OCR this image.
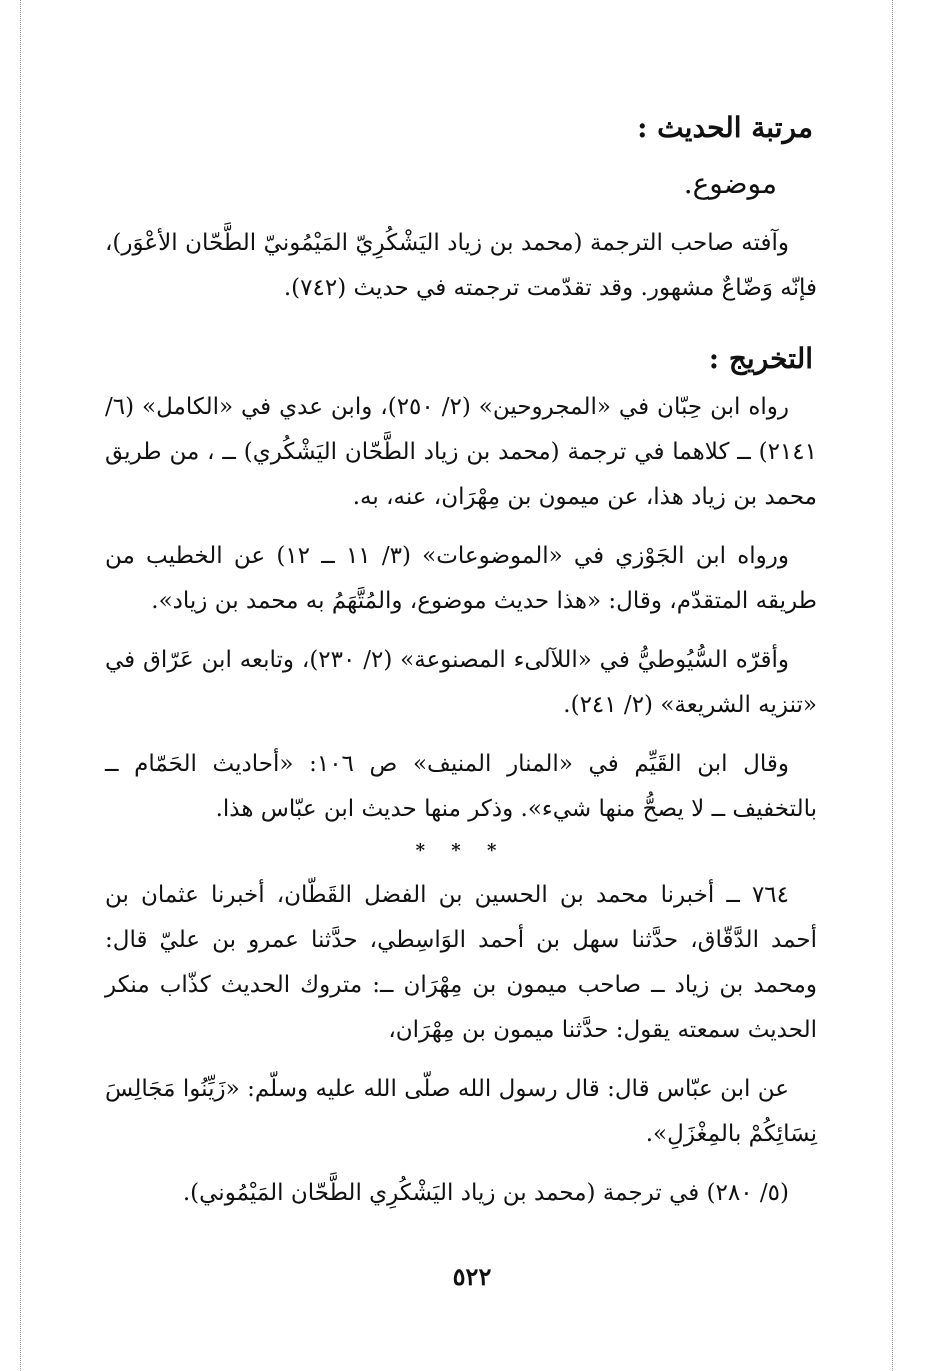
مرتبة الحديث :
موضوع.

وآفته صاحب الترجمة (محمد بن زياد اليَشْكُرِيّ المَيْمُونيّ الطَّحّان الأعْوَر)، فإنّه وَضّاعٌ مشهور. وقد تقدّمت ترجمته في حديث (٧٤٢).

التخريج :

رواه ابن حِبّان في «المجروحين» (٢/ ٢٥٠)، وابن عدي في «الكامل» (٦/ ٢١٤١) ــ كلاهما في ترجمة (محمد بن زياد الطَّحّان اليَشْكُري) ــ ، من طريق محمد بن زياد هذا، عن ميمون بن مِهْرَان، عنه، به.

ورواه ابن الجَوْزي في «الموضوعات» (٣/ ١١ ــ ١٢) عن الخطيب من طريقه المتقدّم، وقال: «هذا حديث موضوع، والمُتَّهَمُ به محمد بن زياد».

وأقرّه السُّيُوطيُّ في «اللآلىء المصنوعة» (٢/ ٢٣٠)، وتابعه ابن عَرّاق في «تنزيه الشريعة» (٢/ ٢٤١).

وقال ابن القَيِّم في «المنار المنيف» ص ١٠٦: «أحاديث الحَمّام ــ بالتخفيف ــ لا يصحُّ منها شيء». وذكر منها حديث ابن عبّاس هذا.

* * *

٧٦٤ ــ أخبرنا محمد بن الحسين بن الفضل القَطّان، أخبرنا عثمان بن أحمد الدَّقّاق، حدَّثنا سهل بن أحمد الوَاسِطي، حدَّثنا عمرو بن عليّ قال: ومحمد بن زياد ــ صاحب ميمون بن مِهْرَان ــ: متروك الحديث كذّاب منكر الحديث سمعته يقول: حدَّثنا ميمون بن مِهْرَان،

عن ابن عبّاس قال: قال رسول الله صلّى الله عليه وسلّم: «زَيِّنُوا مَجَالِسَ نِسَائِكُمْ بالمِغْزَلِ».

(٥/ ٢٨٠) في ترجمة (محمد بن زياد اليَشْكُرِي الطَّحّان المَيْمُوني).

٥٢٢
